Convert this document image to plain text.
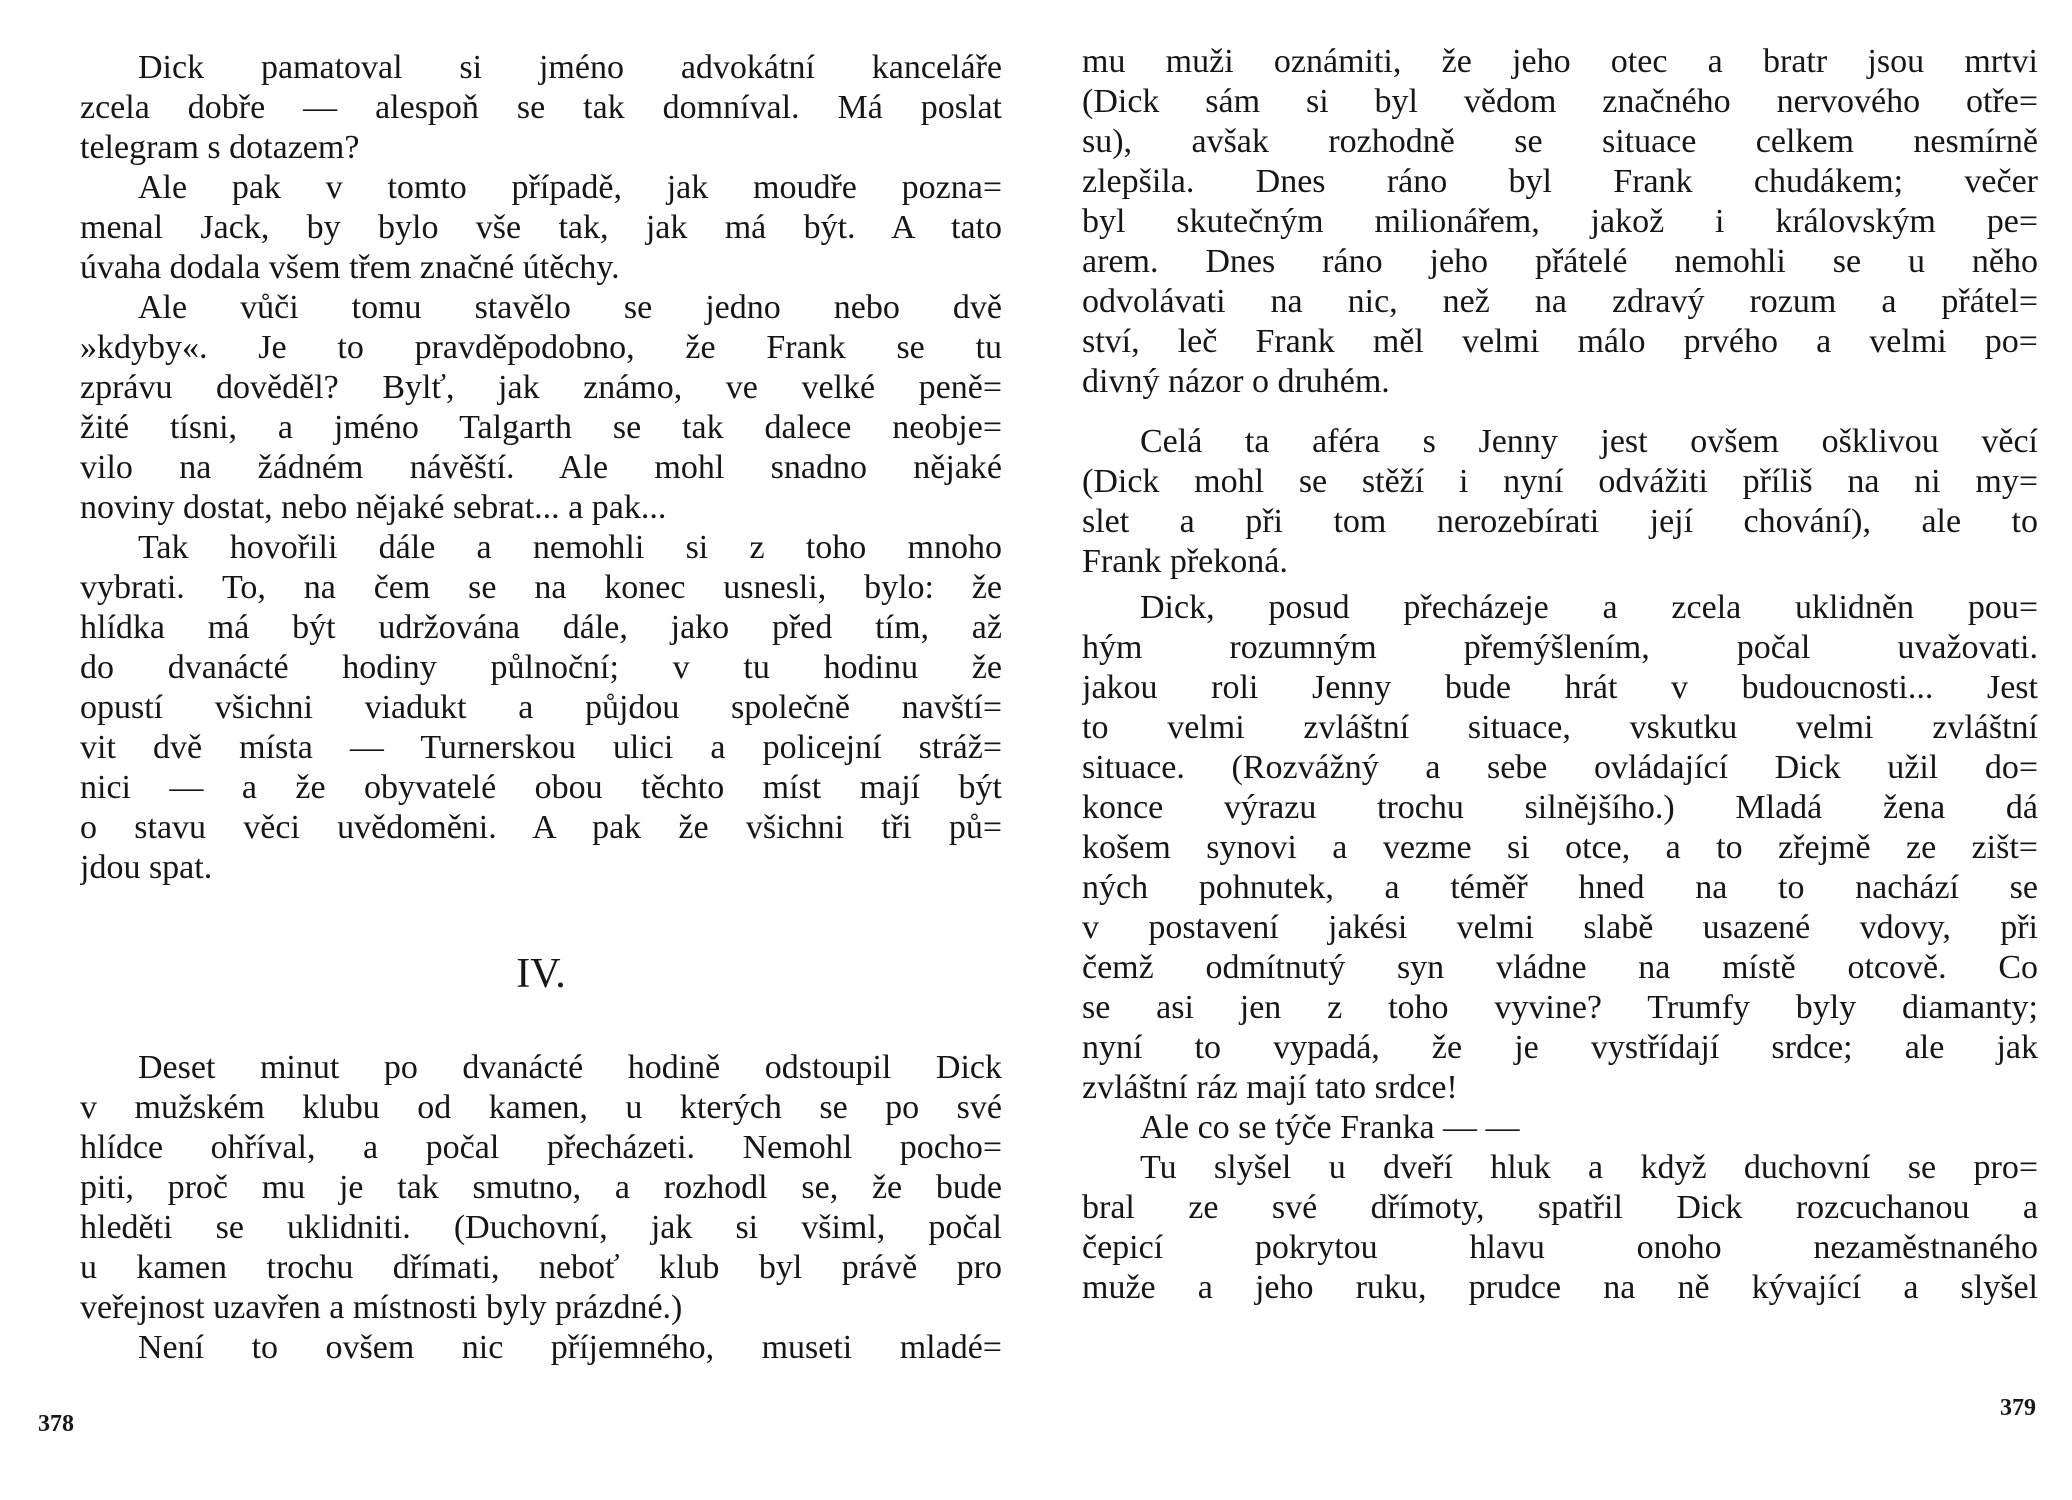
Dick pamatoval si jméno advokátní kanceláře
zcela dobře — alespoň se tak domníval. Má poslat
telegram s dotazem?
Ale pak v tomto případě, jak moudře pozna=
menal Jack, by bylo vše tak, jak má být. A tato
úvaha dodala všem třem značné útěchy.
Ale vůči tomu stavělo se jedno nebo dvě
»kdyby«. Je to pravděpodobno, že Frank se tu
zprávu dověděl? Bylť, jak známo, ve velké peně=
žité tísni, a jméno Talgarth se tak dalece neobje=
vilo na žádném návěští. Ale mohl snadno nějaké
noviny dostat, nebo nějaké sebrat... a pak...
Tak hovořili dále a nemohli si z toho mnoho
vybrati. To, na čem se na konec usnesli, bylo: že
hlídka má být udržována dále, jako před tím, až
do dvanácté hodiny půlnoční; v tu hodinu že
opustí všichni viadukt a půjdou společně navští=
vit dvě místa — Turnerskou ulici a policejní stráž=
nici — a že obyvatelé obou těchto míst mají být
o stavu věci uvědoměni. A pak že všichni tři pů=
jdou spat.
IV.
Deset minut po dvanácté hodině odstoupil Dick
v mužském klubu od kamen, u kterých se po své
hlídce ohříval, a počal přecházeti. Nemohl pocho=
piti, proč mu je tak smutno, a rozhodl se, že bude
hleděti se uklidniti. (Duchovní, jak si všiml, počal
u kamen trochu dřímati, neboť klub byl právě pro
veřejnost uzavřen a místnosti byly prázdné.)
Není to ovšem nic příjemného, museti mladé=
mu muži oznámiti, že jeho otec a bratr jsou mrtvi
(Dick sám si byl vědom značného nervového otře=
su), avšak rozhodně se situace celkem nesmírně
zlepšila. Dnes ráno byl Frank chudákem; večer
byl skutečným milionářem, jakož i královským pe=
arem. Dnes ráno jeho přátelé nemohli se u něho
odvolávati na nic, než na zdravý rozum a přátel=
ství, leč Frank měl velmi málo prvého a velmi po=
divný názor o druhém.
Celá ta aféra s Jenny jest ovšem ošklivou věcí
(Dick mohl se stěží i nyní odvážiti příliš na ni my=
slet a při tom nerozebírati její chování), ale to
Frank překoná.
Dick, posud přecházeje a zcela uklidněn pou=
hým rozumným přemýšlením, počal uvažovati.
jakou roli Jenny bude hrát v budoucnosti... Jest
to velmi zvláštní situace, vskutku velmi zvláštní
situace. (Rozvážný a sebe ovládající Dick užil do=
konce výrazu trochu silnějšího.) Mladá žena dá
košem synovi a vezme si otce, a to zřejmě ze zišt=
ných pohnutek, a téměř hned na to nachází se
v postavení jakési velmi slabě usazené vdovy, při
čemž odmítnutý syn vládne na místě otcově. Co
se asi jen z toho vyvine? Trumfy byly diamanty;
nyní to vypadá, že je vystřídají srdce; ale jak
zvláštní ráz mají tato srdce!
Ale co se týče Franka — —
Tu slyšel u dveří hluk a když duchovní se pro=
bral ze své dřímoty, spatřil Dick rozcuchanou a
čepicí pokrytou hlavu onoho nezaměstnaného
muže a jeho ruku, prudce na ně kývající a slyšel
378
379
